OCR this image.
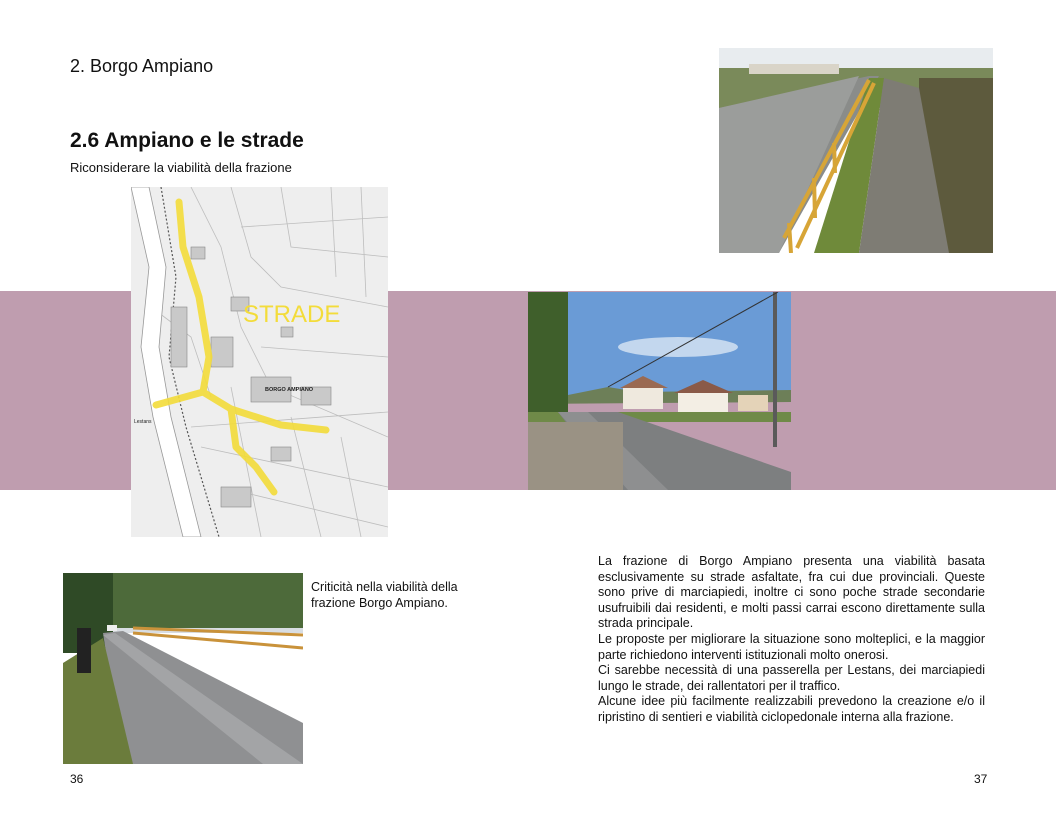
2. Borgo Ampiano
2.6 Ampiano e le strade
Riconsiderare la viabilità della frazione
STRADE
BORGO AMPIANO
Lestans
Criticità nella viabilità della frazione Borgo Ampiano.

La frazione di Borgo Ampiano presenta una viabilità basata esclusivamente su strade asfaltate, fra cui due provinciali. Queste sono prive di marciapiedi, inoltre ci sono poche strade secondarie usufruibili dai residenti, e molti passi carrai escono direttamente sulla strada principale.

Le proposte per migliorare la situazione sono molteplici, e la maggior parte richiedono interventi istituzionali molto onerosi.

Ci sarebbe necessità di una passerella per Lestans, dei marciapiedi lungo le strade, dei rallentatori per il traffico.

Alcune idee più facilmente realizzabili prevedono la creazione e/o il ripristino di sentieri e viabilità ciclopedonale interna alla frazione.

36	37
